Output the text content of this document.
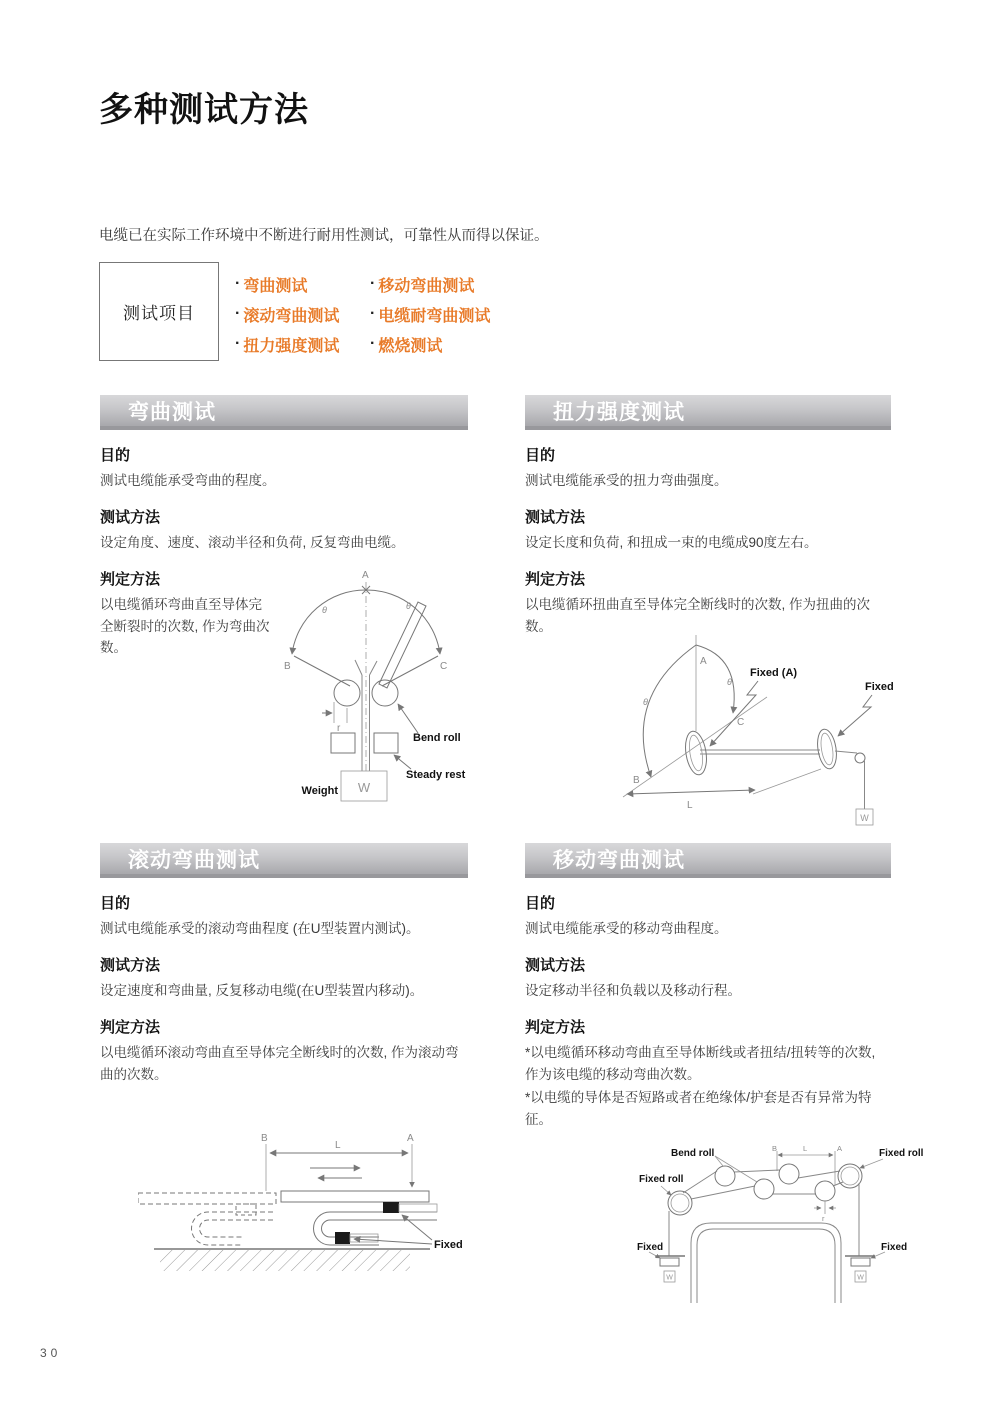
多种测试方法

电缆已在实际工作环境中不断进行耐用性测试，可靠性从而得以保证。

测试项目
· 弯曲测试
· 滚动弯曲测试
· 扭力强度测试
· 移动弯曲测试
· 电缆耐弯曲测试
· 燃烧测试
弯曲测试

目的

测试电缆能承受弯曲的程度。

测试方法

设定角度、速度、滚动半径和负荷, 反复弯曲电缆。

判定方法

以电缆循环弯曲直至导体完全断裂时的次数, 作为弯曲次数。

A
θ	θ
B	C
r
W
Weight
Bend roll
Steady rest
扭力强度测试

目的

测试电缆能承受的扭力弯曲强度。

测试方法

设定长度和负荷, 和扭成一束的电缆成90度左右。

判定方法

以电缆循环扭曲直至导体完全断线时的次数, 作为扭曲的次数。

A
θ
θ
C
B
L
Fixed (A)
Fixed
W
滚动弯曲测试

目的

测试电缆能承受的滚动弯曲程度 (在U型装置内测试)。

测试方法

设定速度和弯曲量, 反复移动电缆(在U型装置内移动)。

判定方法

以电缆循环滚动弯曲直至导体完全断线时的次数, 作为滚动弯曲的次数。

B	A
L
Fixed
移动弯曲测试

目的

测试电缆能承受的移动弯曲程度。

测试方法

设定移动半径和负载以及移动行程。

判定方法

*以电缆循环移动弯曲直至导体断线或者扭结/扭转等的次数, 作为该电缆的移动弯曲次数。

*以电缆的导体是否短路或者在绝缘体/护套是否有异常为特征。

Bend roll
Fixed roll
Fixed roll
B	A
L
r
W	W
Fixed	Fixed
30
